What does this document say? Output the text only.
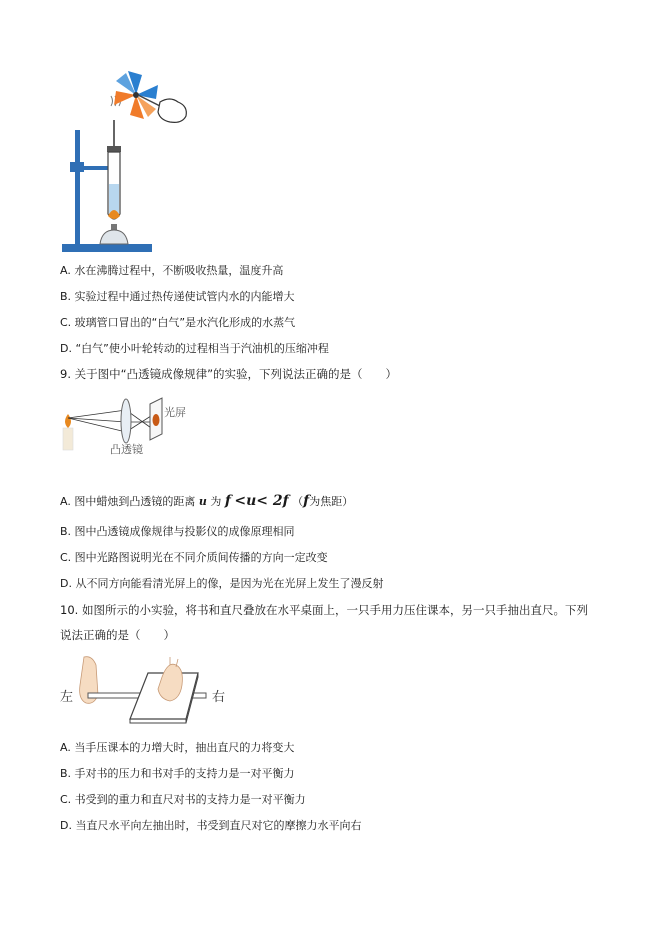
A. 水在沸腾过程中，不断吸收热量，温度升高
B. 实验过程中通过热传递使试管内水的内能增大
C. 玻璃管口冒出的“白气”是水汽化形成的水蒸气
D. “白气”使小叶轮转动的过程相当于汽油机的压缩冲程
9. 关于图中“凸透镜成像规律”的实验，下列说法正确的是（　　）
光屏
凸透镜
A. 图中蜡烛到凸透镜的距离 u 为 f <u< 2f （f为焦距）
B. 图中凸透镜成像规律与投影仪的成像原理相同
C. 图中光路图说明光在不同介质间传播的方向一定改变
D. 从不同方向能看清光屏上的像，是因为光在光屏上发生了漫反射
10. 如图所示的小实验，将书和直尺叠放在水平桌面上，一只手用力压住课本，另一只手抽出直尺。下列
说法正确的是（　　）
左	右
A. 当手压课本的力增大时，抽出直尺的力将变大
B. 手对书的压力和书对手的支持力是一对平衡力
C. 书受到的重力和直尺对书的支持力是一对平衡力
D. 当直尺水平向左抽出时，书受到直尺对它的摩擦力水平向右
